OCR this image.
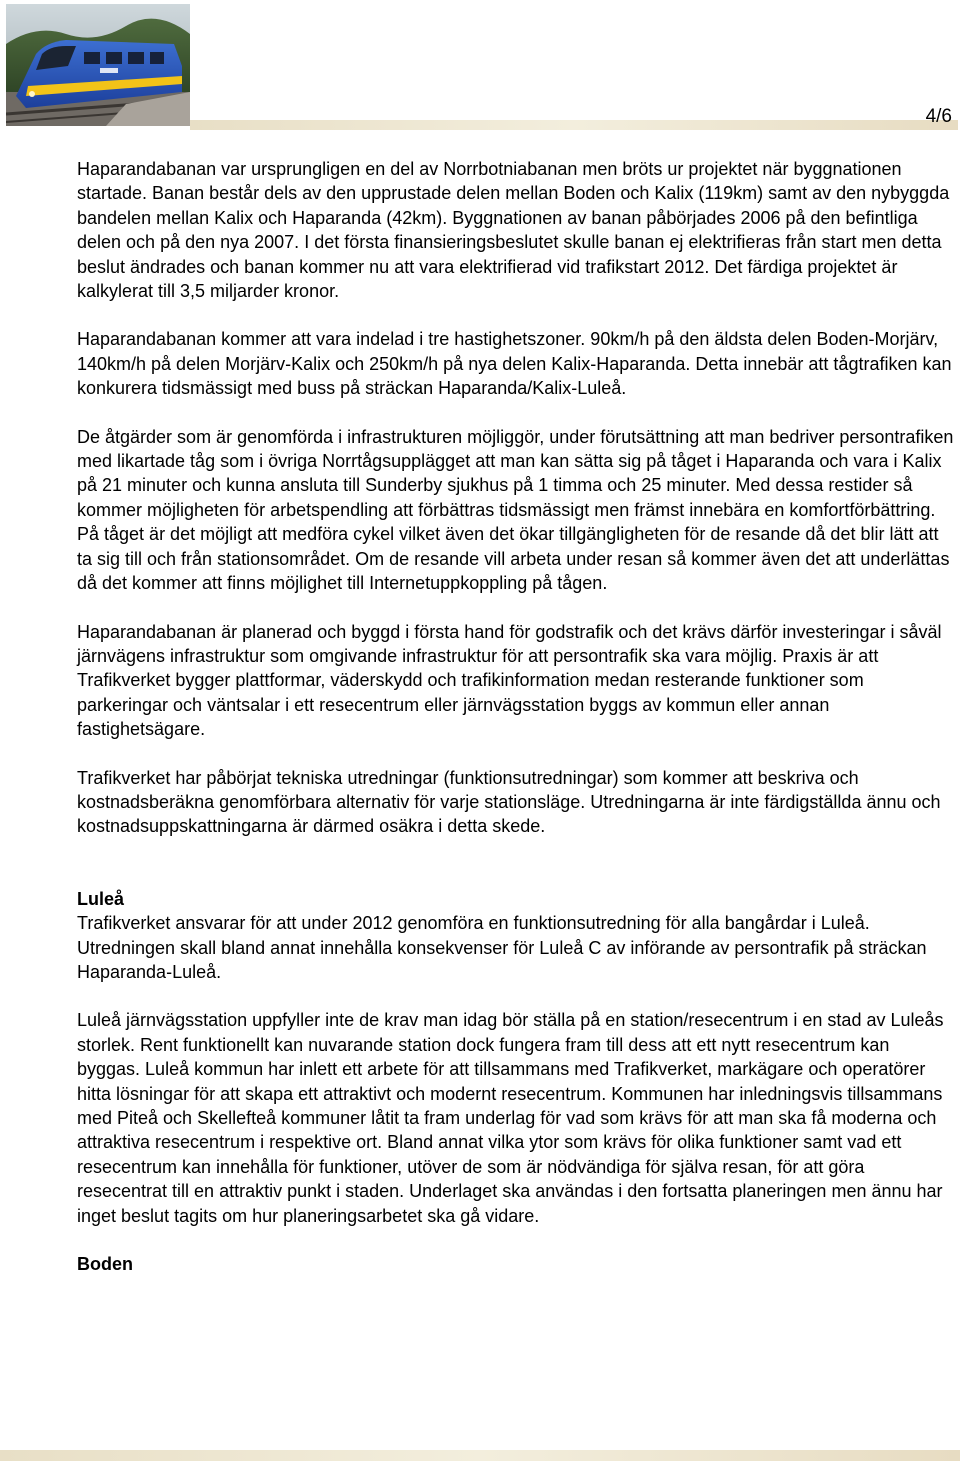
4/6

Haparandabanan var ursprungligen en del av Norrbotniabanan men bröts ur projektet när byggnationen startade. Banan består dels av den upprustade delen mellan Boden och Kalix (119km) samt av den nybyggda bandelen mellan Kalix och Haparanda (42km). Byggnationen av banan påbörjades 2006 på den befintliga delen och på den nya 2007. I det första finansieringsbeslutet skulle banan ej elektrifieras från start men detta beslut ändrades och banan kommer nu att vara elektrifierad vid trafikstart 2012. Det färdiga projektet är kalkylerat till 3,5 miljarder kronor.

Haparandabanan kommer att vara indelad i tre hastighetszoner. 90km/h på den äldsta delen Boden-Morjärv, 140km/h på delen Morjärv-Kalix och 250km/h på nya delen Kalix-Haparanda. Detta innebär att tågtrafiken kan konkurera tidsmässigt med buss på sträckan Haparanda/Kalix-Luleå.

De åtgärder som är genomförda i infrastrukturen möjliggör, under förutsättning att man bedriver persontrafiken med likartade tåg som i övriga Norrtågsupplägget att man kan sätta sig på tåget i Haparanda och vara i Kalix på 21 minuter och kunna ansluta till Sunderby sjukhus på 1 timma och 25 minuter. Med dessa restider så kommer möjligheten för arbetspendling att förbättras tidsmässigt men främst innebära en komfortförbättring. På tåget är det möjligt att medföra cykel vilket även det ökar tillgängligheten för de resande då det blir lätt att ta sig till och från stationsområdet. Om de resande vill arbeta under resan så kommer även det att underlättas då det kommer att finns möjlighet till Internetuppkoppling på tågen.

Haparandabanan är planerad och byggd i första hand för godstrafik och det krävs därför investeringar i såväl järnvägens infrastruktur som omgivande infrastruktur för att persontrafik ska vara möjlig. Praxis är att Trafikverket bygger plattformar, väderskydd och trafikinformation medan resterande funktioner som parkeringar och väntsalar i ett resecentrum eller järnvägsstation byggs av kommun eller annan fastighetsägare.

Trafikverket har påbörjat tekniska utredningar (funktionsutredningar) som kommer att beskriva och kostnadsberäkna genomförbara alternativ för varje stationsläge. Utredningarna är inte färdigställda ännu och kostnadsuppskattningarna är därmed osäkra i detta skede.

Luleå

Trafikverket ansvarar för att under 2012 genomföra en funktionsutredning för alla bangårdar i Luleå. Utredningen skall bland annat innehålla konsekvenser för Luleå C av införande av persontrafik på sträckan Haparanda-Luleå.

Luleå järnvägsstation uppfyller inte de krav man idag bör ställa på en station/resecentrum i en stad av Luleås storlek. Rent funktionellt kan nuvarande station dock fungera fram till dess att ett nytt resecentrum kan byggas. Luleå kommun har inlett ett arbete för att tillsammans med Trafikverket, markägare och operatörer hitta lösningar för att skapa ett attraktivt och modernt resecentrum. Kommunen har inledningsvis tillsammans med Piteå och Skellefteå kommuner låtit ta fram underlag för vad som krävs för att man ska få moderna och attraktiva resecentrum i respektive ort. Bland annat vilka ytor som krävs för olika funktioner samt vad ett resecentrum kan innehålla för funktioner, utöver de som är nödvändiga för själva resan, för att göra resecentrat till en attraktiv punkt i staden. Underlaget ska användas i den fortsatta planeringen men ännu har inget beslut tagits om hur planeringsarbetet ska gå vidare.

Boden
